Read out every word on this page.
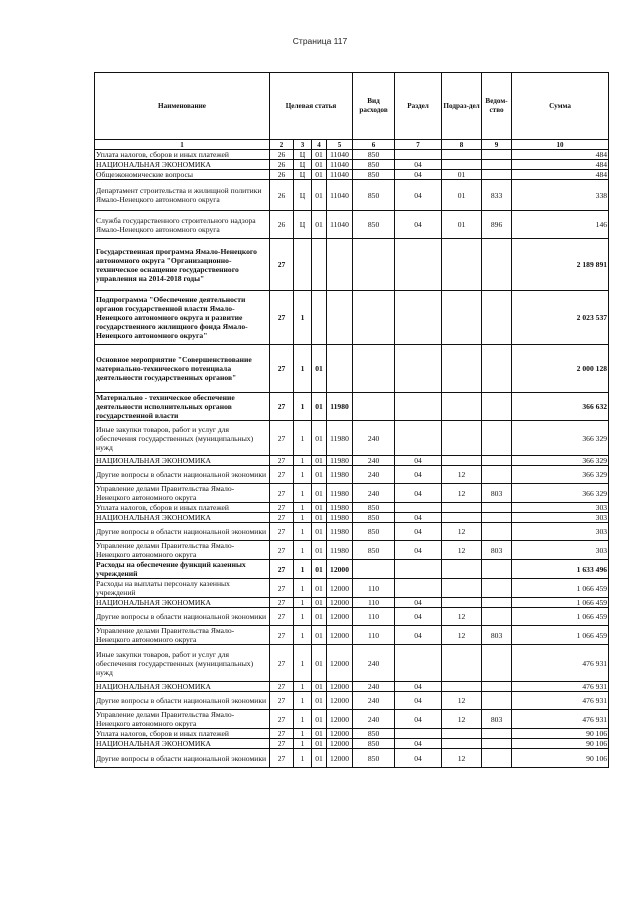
Страница 117
Наименование	Целевая статья				Вид расходов	Раздел	Подраз-дел	Ведом-ство	Сумма
1	2	3	4	5	6	7	8	9	10
Уплата налогов, сборов и иных платежей	26	Ц	01	11040	850				484
НАЦИОНАЛЬНАЯ ЭКОНОМИКА	26	Ц	01	11040	850	04			484
Общеэкономические вопросы	26	Ц	01	11040	850	04	01		484
Департамент строительства и жилищной политики Ямало-Ненецкого автономного округа	26	Ц	01	11040	850	04	01	833	338
Служба государственного строительного надзора Ямало-Ненецкого автономного округа	26	Ц	01	11040	850	04	01	896	146
Государственная программа Ямало-Ненецкого автономного округа "Организационно-техническое оснащение государственного управления на 2014-2018 годы"	27								2 189 891
Подпрограмма "Обеспечение деятельности органов государственной власти Ямало-Ненецкого автономного округа и развитие государственного жилищного фонда Ямало-Ненецкого автономного округа"	27	1							2 023 537
Основное мероприятие "Совершенствование материально-технического потенциала деятельности государственных органов"	27	1	01						2 000 128
Материально - техническое обеспечение деятельности исполнительных органов государственной власти	27	1	01	11980					366 632
Иные закупки товаров, работ и услуг для обеспечения государственных (муниципальных) нужд	27	1	01	11980	240				366 329
НАЦИОНАЛЬНАЯ ЭКОНОМИКА	27	1	01	11980	240	04			366 329
Другие вопросы в области национальной экономики	27	1	01	11980	240	04	12		366 329
Управление делами Правительства Ямало-Ненецкого автономного округа	27	1	01	11980	240	04	12	803	366 329
Уплата налогов, сборов и иных платежей	27	1	01	11980	850				303
НАЦИОНАЛЬНАЯ ЭКОНОМИКА	27	1	01	11980	850	04			303
Другие вопросы в области национальной экономики	27	1	01	11980	850	04	12		303
Управление делами Правительства Ямало-Ненецкого автономного округа	27	1	01	11980	850	04	12	803	303
Расходы на обеспечение функций казенных учреждений	27	1	01	12000					1 633 496
Расходы на выплаты персоналу казенных учреждений	27	1	01	12000	110				1 066 459
НАЦИОНАЛЬНАЯ ЭКОНОМИКА	27	1	01	12000	110	04			1 066 459
Другие вопросы в области национальной экономики	27	1	01	12000	110	04	12		1 066 459
Управление делами Правительства Ямало-Ненецкого автономного округа	27	1	01	12000	110	04	12	803	1 066 459
Иные закупки товаров, работ и услуг для обеспечения государственных (муниципальных) нужд	27	1	01	12000	240				476 931
НАЦИОНАЛЬНАЯ ЭКОНОМИКА	27	1	01	12000	240	04			476 931
Другие вопросы в области национальной экономики	27	1	01	12000	240	04	12		476 931
Управление делами Правительства Ямало-Ненецкого автономного округа	27	1	01	12000	240	04	12	803	476 931
Уплата налогов, сборов и иных платежей	27	1	01	12000	850				90 106
НАЦИОНАЛЬНАЯ ЭКОНОМИКА	27	1	01	12000	850	04			90 106
Другие вопросы в области национальной экономики	27	1	01	12000	850	04	12		90 106
